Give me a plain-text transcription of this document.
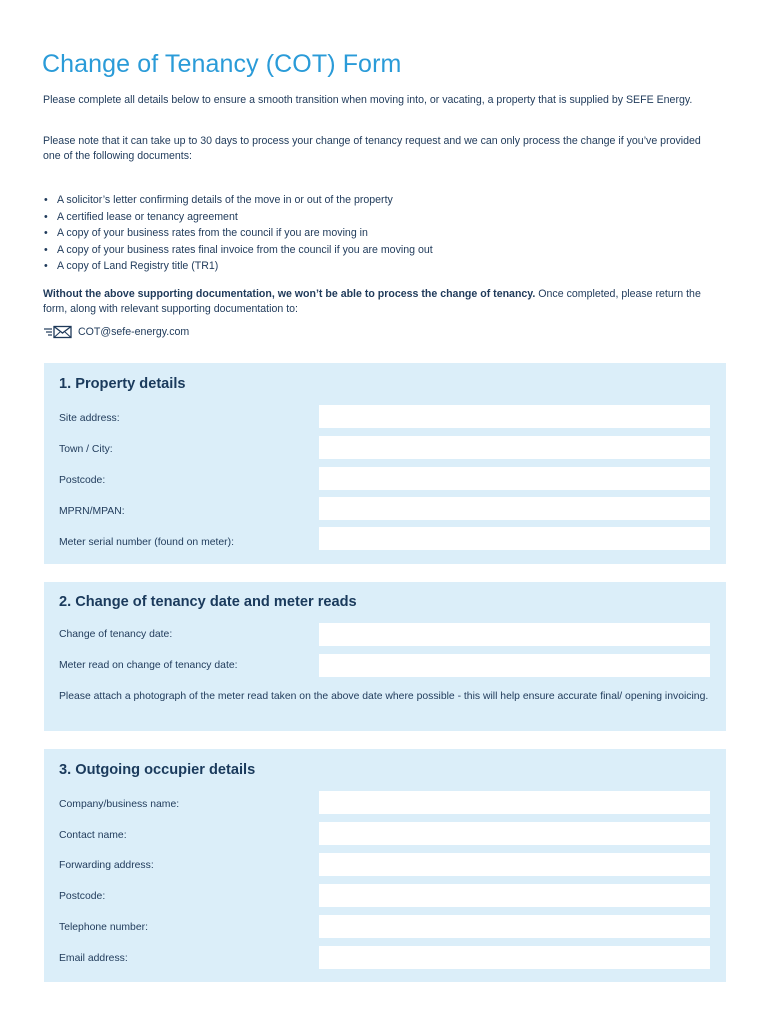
Change of Tenancy (COT) Form

Please complete all details below to ensure a smooth transition when moving into, or vacating, a property that is supplied by SEFE Energy.

Please note that it can take up to 30 days to process your change of tenancy request and we can only process the change if you’ve provided one of the following documents:

• A solicitor’s letter confirming details of the move in or out of the property
• A certified lease or tenancy agreement
• A copy of your business rates from the council if you are moving in
• A copy of your business rates final invoice from the council if you are moving out
• A copy of Land Registry title (TR1)

Without the above supporting documentation, we won’t be able to process the change of tenancy. Once completed, please return the form, along with relevant supporting documentation to:

COT@sefe-energy.com
1. Property details
Site address:
Town / City:
Postcode:
MPRN/MPAN:
Meter serial number (found on meter):
2. Change of tenancy date and meter reads
Change of tenancy date:
Meter read on change of tenancy date:

Please attach a photograph of the meter read taken on the above date where possible - this will help ensure accurate final/ opening invoicing.

3. Outgoing occupier details
Company/business name:
Contact name:
Forwarding address:
Postcode:
Telephone number:
Email address:
